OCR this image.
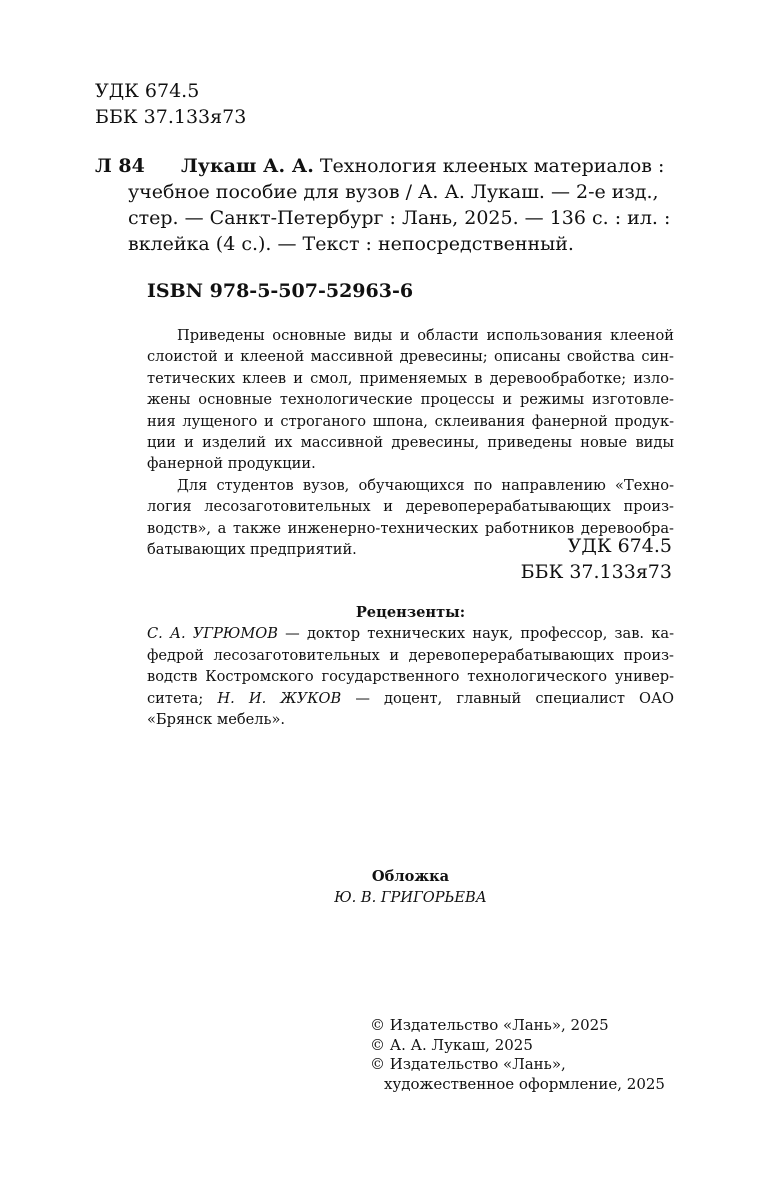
УДК 674.5
ББК 37.133я73
Л 84 Лукаш А. А. Технология клееных материалов :
учебное пособие для вузов / А. А. Лукаш. — 2-е изд.,
стер. — Санкт-Петербург : Лань, 2025. — 136 с. : ил. :
вклейка (4 с.). — Текст : непосредственный.
ISBN 978-5-507-52963-6
Приведены основные виды и области использования клееной
слоистой и клееной массивной древесины; описаны свойства син-
тетических клеев и смол, применяемых в деревообработке; изло-
жены основные технологические процессы и режимы изготовле-
ния лущеного и строганого шпона, склеивания фанерной продук-
ции и изделий их массивной древесины, приведены новые виды
фанерной продукции.
Для студентов вузов, обучающихся по направлению «Техно-
логия лесозаготовительных и деревоперерабатывающих произ-
водств», а также инженерно-технических работников деревообра-
батывающих предприятий.	УДК 674.5
ББК 37.133я73
Рецензенты:
С. А. УГРЮМОВ — доктор технических наук, профессор, зав. ка-
федрой лесозаготовительных и деревоперерабатывающих произ-
водств Костромского государственного технологического универ-
ситета; Н. И. ЖУКОВ — доцент, главный специалист ОАО
«Брянск мебель».
Обложка
Ю. В. ГРИГОРЬЕВА
© Издательство «Лань», 2025
© А. А. Лукаш, 2025
© Издательство «Лань»,
художественное оформление, 2025
